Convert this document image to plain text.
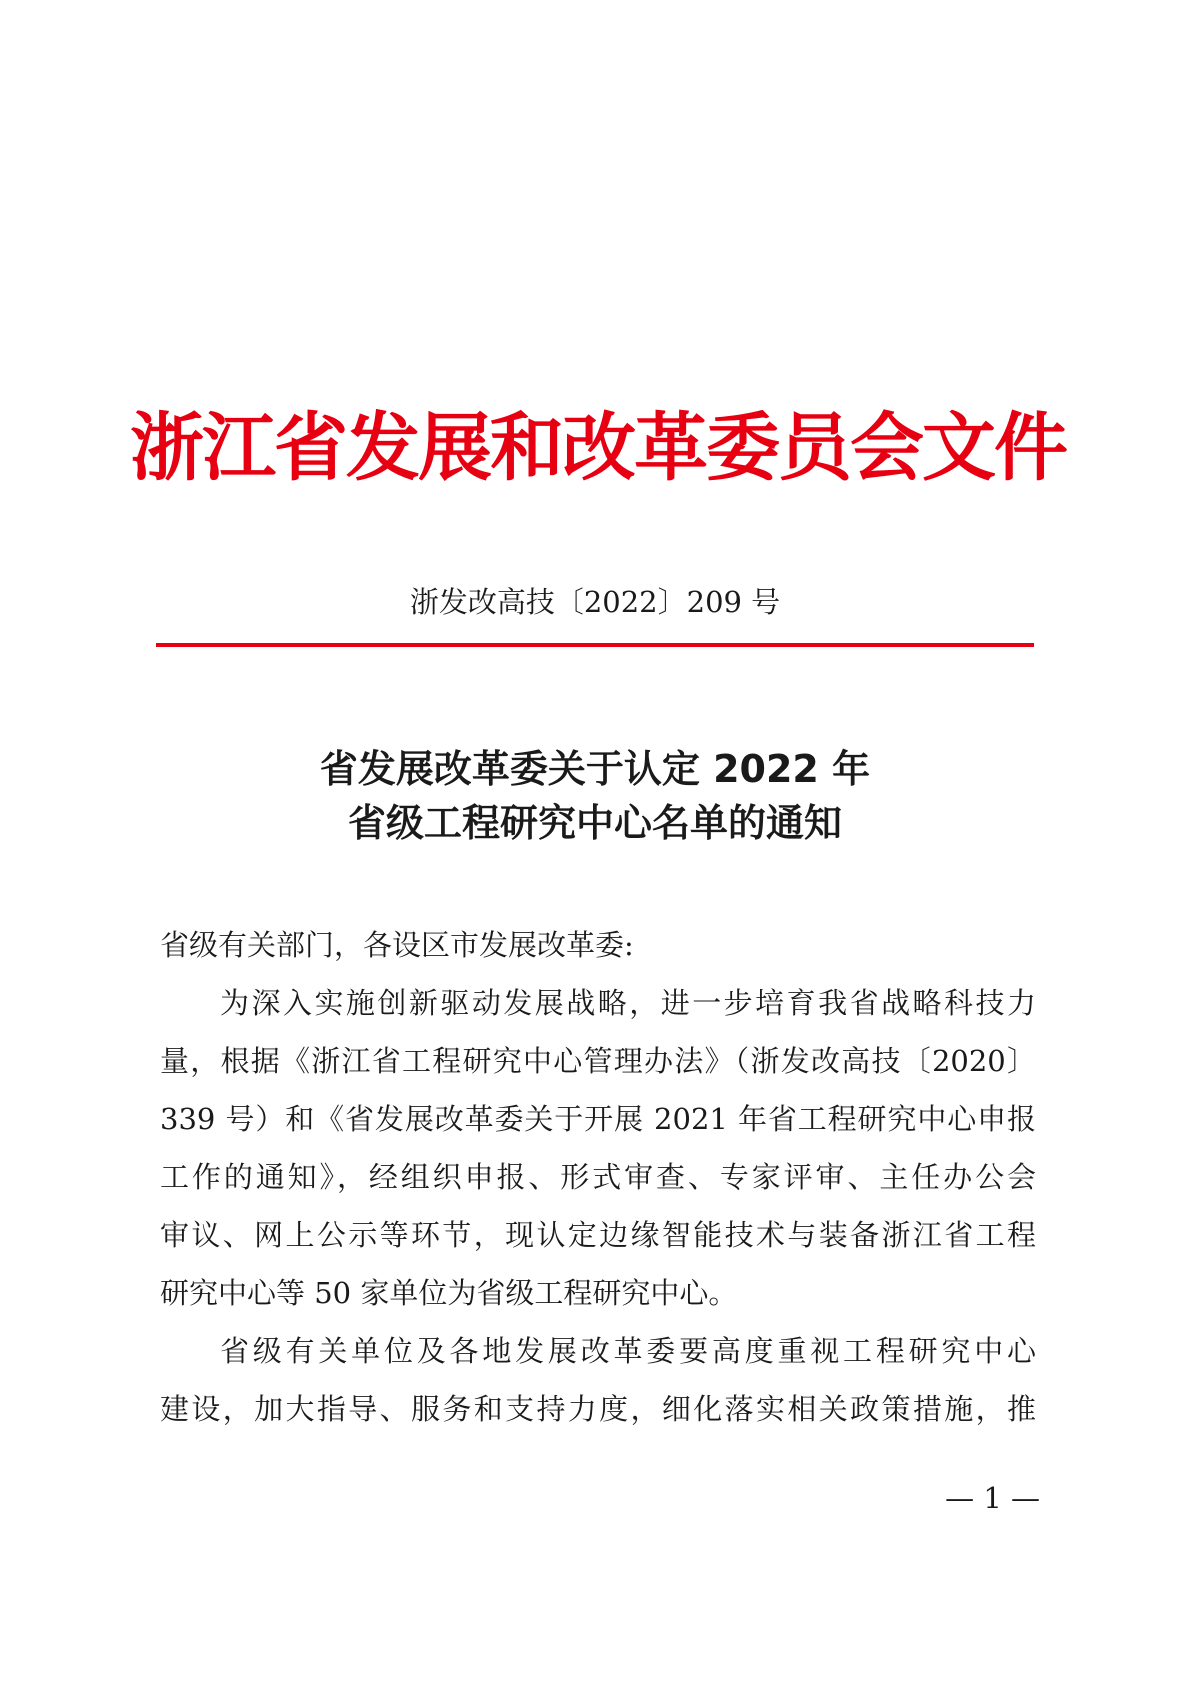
浙江省发展和改革委员会文件
浙发改高技〔2022〕209 号
省发展改革委关于认定 2022 年
省级工程研究中心名单的通知

省级有关部门，各设区市发展改革委:

为深入实施创新驱动发展战略，进一步培育我省战略科技力

量，根据《浙江省工程研究中心管理办法》（浙发改高技〔2020〕

339 号）和《省发展改革委关于开展 2021 年省工程研究中心申报

工作的通知》，经组织申报、形式审查、专家评审、主任办公会

审议、网上公示等环节，现认定边缘智能技术与装备浙江省工程

研究中心等 50 家单位为省级工程研究中心。

省级有关单位及各地发展改革委要高度重视工程研究中心

建设，加大指导、服务和支持力度，细化落实相关政策措施，推

— 1 —
